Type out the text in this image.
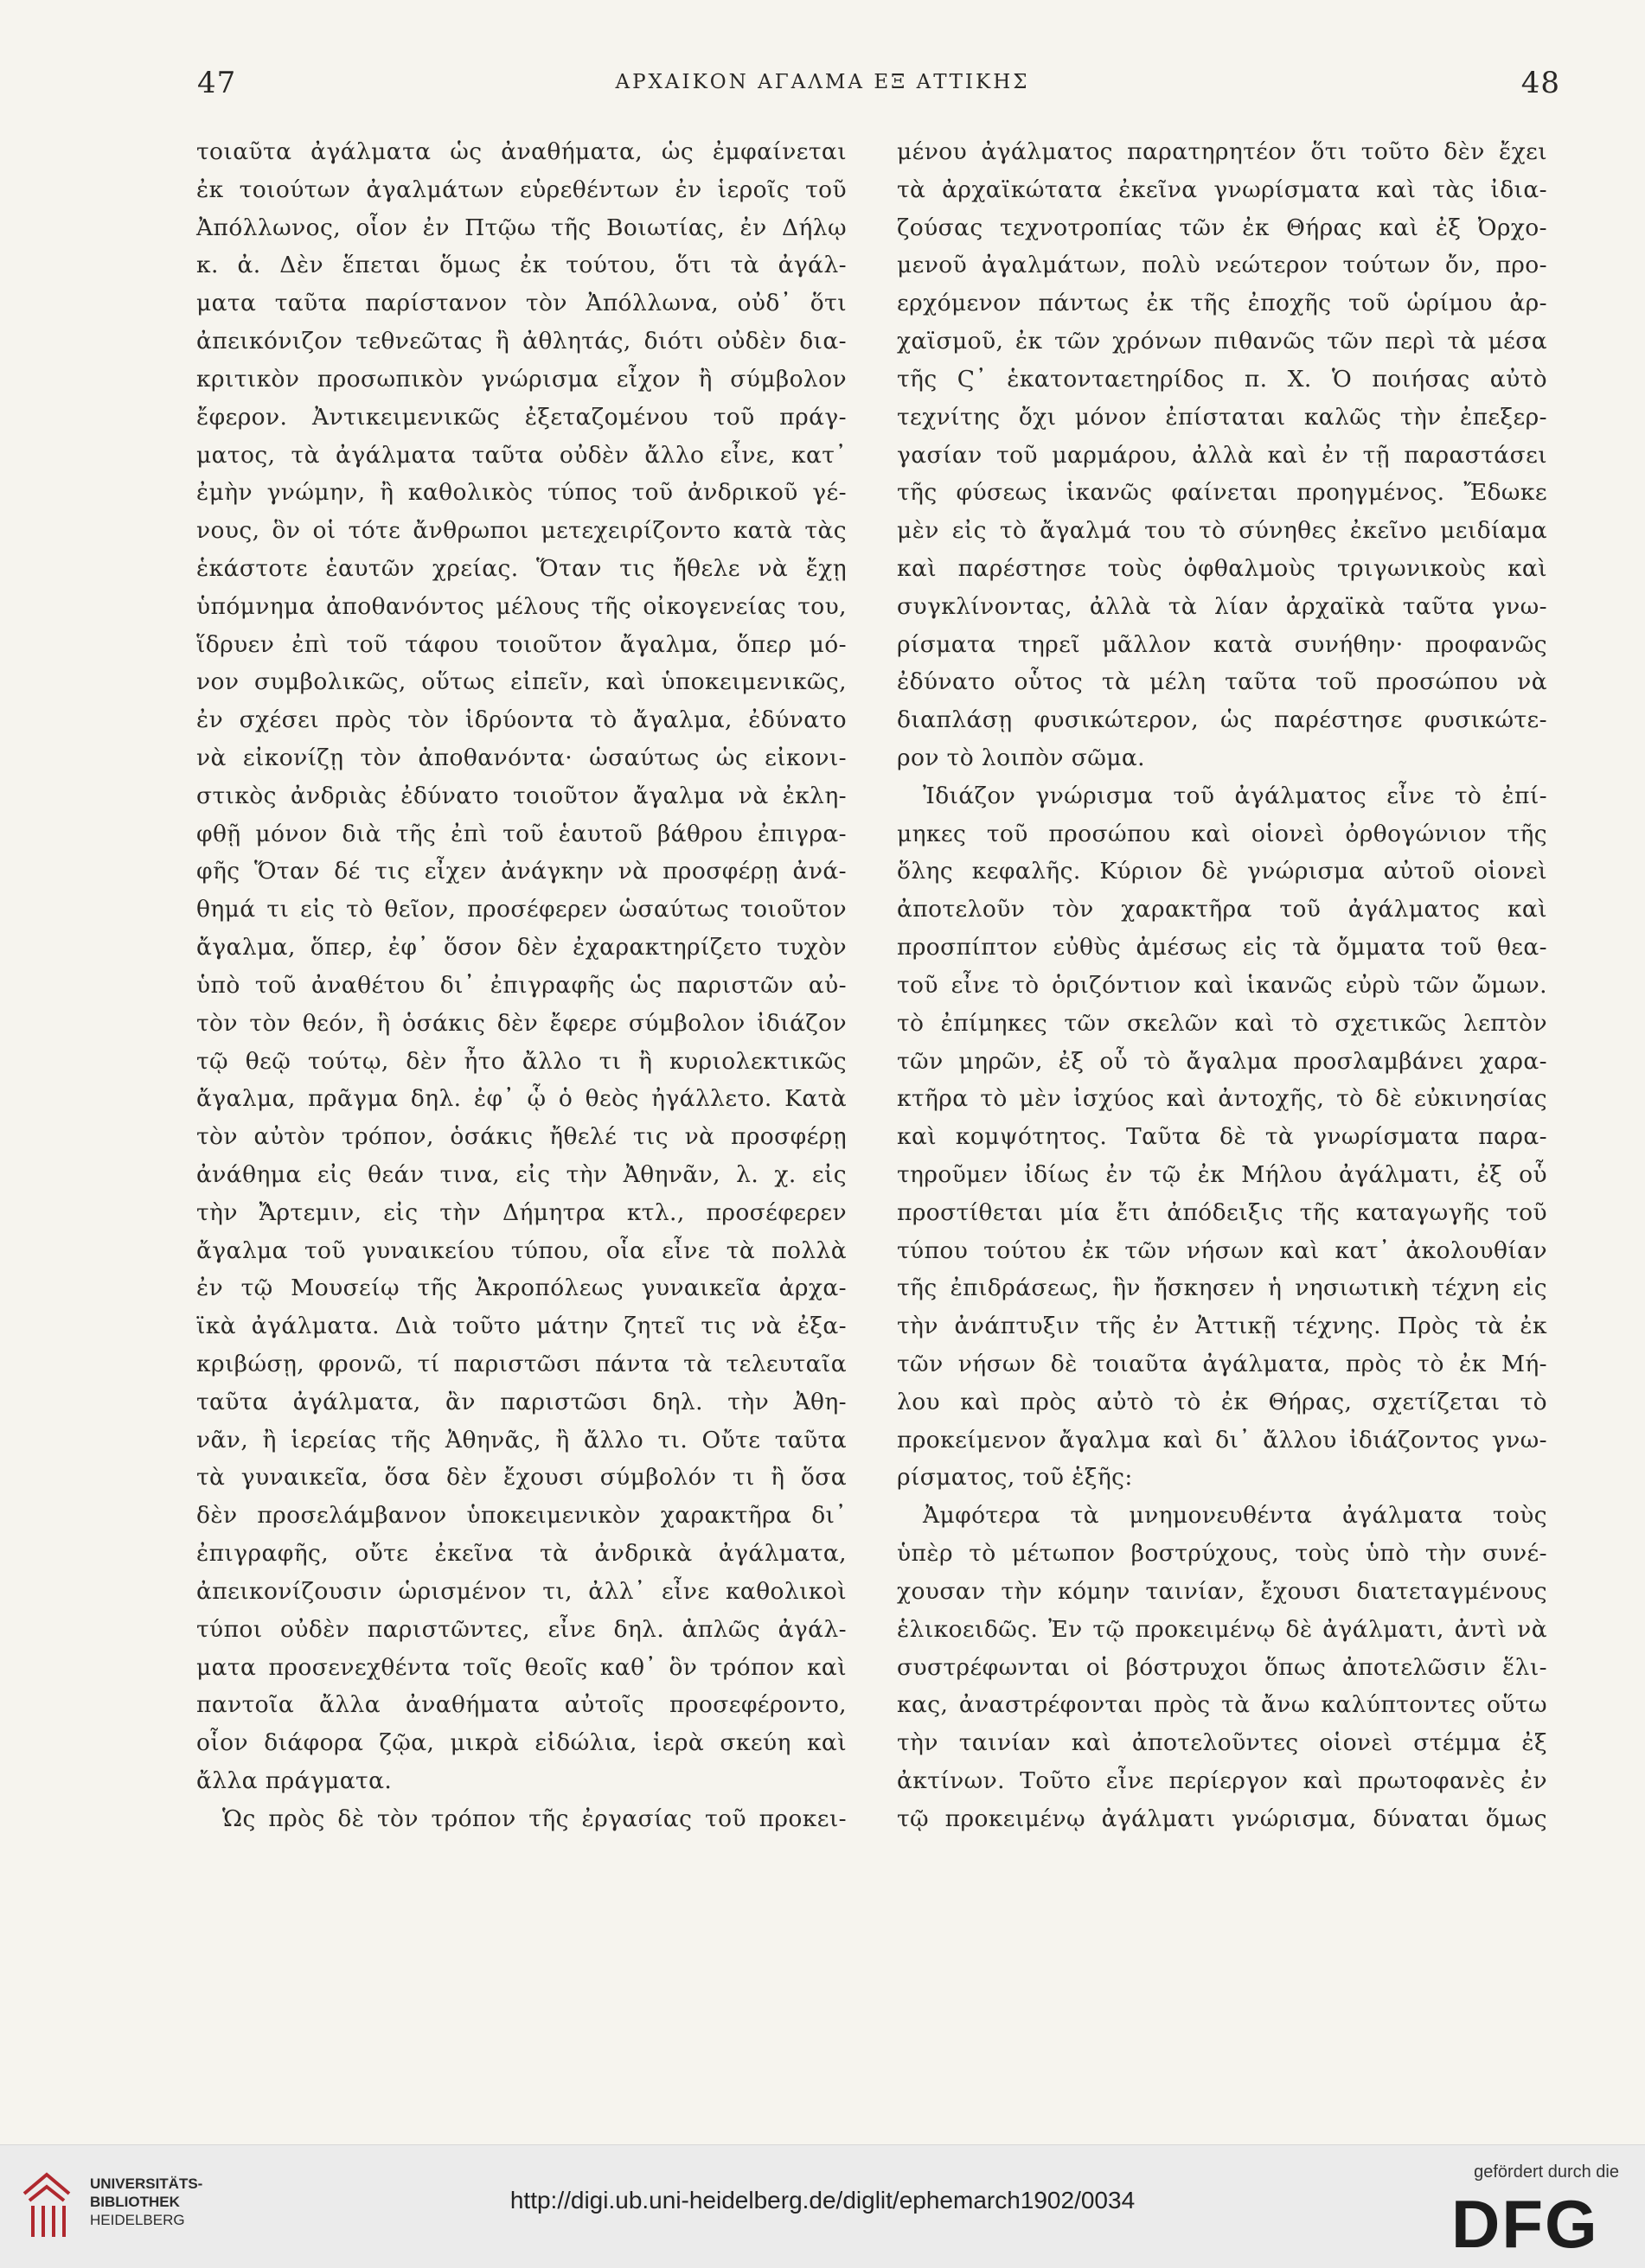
47	ΑΡΧΑΙΚΟΝ ΑΓΑΛΜΑ ΕΞ ΑΤΤΙΚΗΣ	48
τοιαῦτα ἀγάλματα ὡς ἀναθήματα, ὡς ἐμφαίνεται
ἐκ τοιούτων ἀγαλμάτων εὑρεθέντων ἐν ἱεροῖς τοῦ
Ἀπόλλωνος, οἷον ἐν Πτῷω τῆς Βοιωτίας, ἐν Δήλῳ
κ. ἀ. Δὲν ἕπεται ὅμως ἐκ τούτου, ὅτι τὰ ἀγάλ-
ματα ταῦτα παρίστανον τὸν Ἀπόλλωνα, οὐδ᾿ ὅτι
ἀπεικόνιζον τεθνεῶτας ἢ ἀθλητάς, διότι οὐδὲν δια-
κριτικὸν προσωπικὸν γνώρισμα εἶχον ἢ σύμβολον
ἔφερον. Ἀντικειμενικῶς ἐξεταζομένου τοῦ πράγ-
ματος, τὰ ἀγάλματα ταῦτα οὐδὲν ἄλλο εἶνε, κατ᾿
ἐμὴν γνώμην, ἢ καθολικὸς τύπος τοῦ ἀνδρικοῦ γέ-
νους, ὃν οἱ τότε ἄνθρωποι μετεχειρίζοντο κατὰ τὰς
ἑκάστοτε ἑαυτῶν χρείας. Ὅταν τις ἤθελε νὰ ἔχῃ
ὑπόμνημα ἀποθανόντος μέλους τῆς οἰκογενείας του,
ἵδρυεν ἐπὶ τοῦ τάφου τοιοῦτον ἄγαλμα, ὅπερ μό-
νον συμβολικῶς, οὕτως εἰπεῖν, καὶ ὑποκειμενικῶς,
ἐν σχέσει πρὸς τὸν ἱδρύοντα τὸ ἄγαλμα, ἐδύνατο
νὰ εἰκονίζῃ τὸν ἀποθανόντα· ὡσαύτως ὡς εἰκονι-
στικὸς ἀνδριὰς ἐδύνατο τοιοῦτον ἄγαλμα νὰ ἐκλη-
φθῇ μόνον διὰ τῆς ἐπὶ τοῦ ἑαυτοῦ βάθρου ἐπιγρα-
φῆς Ὅταν δέ τις εἶχεν ἀνάγκην νὰ προσφέρῃ ἀνά-
θημά τι εἰς τὸ θεῖον, προσέφερεν ὡσαύτως τοιοῦτον
ἄγαλμα, ὅπερ, ἐφ᾿ ὅσον δὲν ἐχαρακτηρίζετο τυχὸν
ὑπὸ τοῦ ἀναθέτου δι᾿ ἐπιγραφῆς ὡς παριστῶν αὐ-
τὸν τὸν θεόν, ἢ ὁσάκις δὲν ἔφερε σύμβολον ἰδιάζον
τῷ θεῷ τούτῳ, δὲν ἦτο ἄλλο τι ἢ κυριολεκτικῶς
ἄγαλμα, πρᾶγμα δηλ. ἐφ᾿ ᾧ ὁ θεὸς ἠγάλλετο. Κατὰ
τὸν αὐτὸν τρόπον, ὁσάκις ἤθελέ τις νὰ προσφέρῃ
ἀνάθημα εἰς θεάν τινα, εἰς τὴν Ἀθηνᾶν, λ. χ. εἰς
τὴν Ἄρτεμιν, εἰς τὴν Δήμητρα κτλ., προσέφερεν
ἄγαλμα τοῦ γυναικείου τύπου, οἷα εἶνε τὰ πολλὰ
ἐν τῷ Μουσείῳ τῆς Ἀκροπόλεως γυναικεῖα ἀρχα-
ϊκὰ ἀγάλματα. Διὰ τοῦτο μάτην ζητεῖ τις νὰ ἐξα-
κριβώσῃ, φρονῶ, τί παριστῶσι πάντα τὰ τελευταῖα
ταῦτα ἀγάλματα, ἂν παριστῶσι δηλ. τὴν Ἀθη-
νᾶν, ἢ ἱερείας τῆς Ἀθηνᾶς, ἢ ἄλλο τι. Οὔτε ταῦτα
τὰ γυναικεῖα, ὅσα δὲν ἔχουσι σύμβολόν τι ἢ ὅσα
δὲν προσελάμβανον ὑποκειμενικὸν χαρακτῆρα δι᾿
ἐπιγραφῆς, οὔτε ἐκεῖνα τὰ ἀνδρικὰ ἀγάλματα,
ἀπεικονίζουσιν ὡρισμένον τι, ἀλλ᾿ εἶνε καθολικοὶ
τύποι οὐδὲν παριστῶντες, εἶνε δηλ. ἁπλῶς ἀγάλ-
ματα προσενεχθέντα τοῖς θεοῖς καθ᾿ ὃν τρόπον καὶ
παντοῖα ἄλλα ἀναθήματα αὐτοῖς προσεφέροντο,
οἷον διάφορα ζῷα, μικρὰ εἰδώλια, ἱερὰ σκεύη καὶ
ἄλλα πράγματα.
Ὡς πρὸς δὲ τὸν τρόπον τῆς ἐργασίας τοῦ προκει-
μένου ἀγάλματος παρατηρητέον ὅτι τοῦτο δὲν ἔχει
τὰ ἀρχαϊκώτατα ἐκεῖνα γνωρίσματα καὶ τὰς ἰδια-
ζούσας τεχνοτροπίας τῶν ἐκ Θήρας καὶ ἐξ Ὀρχο-
μενοῦ ἀγαλμάτων, πολὺ νεώτερον τούτων ὄν, προ-
ερχόμενον πάντως ἐκ τῆς ἐποχῆς τοῦ ὡρίμου ἀρ-
χαϊσμοῦ, ἐκ τῶν χρόνων πιθανῶς τῶν περὶ τὰ μέσα
τῆς Ϛ᾿ ἑκατονταετηρίδος π. Χ. Ὁ ποιήσας αὐτὸ
τεχνίτης ὄχι μόνον ἐπίσταται καλῶς τὴν ἐπεξερ-
γασίαν τοῦ μαρμάρου, ἀλλὰ καὶ ἐν τῇ παραστάσει
τῆς φύσεως ἱκανῶς φαίνεται προηγμένος. Ἔδωκε
μὲν εἰς τὸ ἄγαλμά του τὸ σύνηθες ἐκεῖνο μειδίαμα
καὶ παρέστησε τοὺς ὀφθαλμοὺς τριγωνικοὺς καὶ
συγκλίνοντας, ἀλλὰ τὰ λίαν ἀρχαϊκὰ ταῦτα γνω-
ρίσματα τηρεῖ μᾶλλον κατὰ συνήθην· προφανῶς
ἐδύνατο οὗτος τὰ μέλη ταῦτα τοῦ προσώπου νὰ
διαπλάσῃ φυσικώτερον, ὡς παρέστησε φυσικώτε-
ρον τὸ λοιπὸν σῶμα.
Ἰδιάζον γνώρισμα τοῦ ἀγάλματος εἶνε τὸ ἐπί-
μηκες τοῦ προσώπου καὶ οἱονεὶ ὀρθογώνιον τῆς
ὅλης κεφαλῆς. Κύριον δὲ γνώρισμα αὐτοῦ οἱονεὶ
ἀποτελοῦν τὸν χαρακτῆρα τοῦ ἀγάλματος καὶ
προσπίπτον εὐθὺς ἀμέσως εἰς τὰ ὄμματα τοῦ θεα-
τοῦ εἶνε τὸ ὁριζόντιον καὶ ἱκανῶς εὐρὺ τῶν ὤμων.
τὸ ἐπίμηκες τῶν σκελῶν καὶ τὸ σχετικῶς λεπτὸν
τῶν μηρῶν, ἐξ οὗ τὸ ἄγαλμα προσλαμβάνει χαρα-
κτῆρα τὸ μὲν ἰσχύος καὶ ἀντοχῆς, τὸ δὲ εὐκινησίας
καὶ κομψότητος. Ταῦτα δὲ τὰ γνωρίσματα παρα-
τηροῦμεν ἰδίως ἐν τῷ ἐκ Μήλου ἀγάλματι, ἐξ οὗ
προστίθεται μία ἔτι ἀπόδειξις τῆς καταγωγῆς τοῦ
τύπου τούτου ἐκ τῶν νήσων καὶ κατ᾿ ἀκολουθίαν
τῆς ἐπιδράσεως, ἣν ἤσκησεν ἡ νησιωτικὴ τέχνη εἰς
τὴν ἀνάπτυξιν τῆς ἐν Ἀττικῇ τέχνης. Πρὸς τὰ ἐκ
τῶν νήσων δὲ τοιαῦτα ἀγάλματα, πρὸς τὸ ἐκ Μή-
λου καὶ πρὸς αὐτὸ τὸ ἐκ Θήρας, σχετίζεται τὸ
προκείμενον ἄγαλμα καὶ δι᾿ ἄλλου ἰδιάζοντος γνω-
ρίσματος, τοῦ ἑξῆς:
Ἀμφότερα τὰ μνημονευθέντα ἀγάλματα τοὺς
ὑπὲρ τὸ μέτωπον βοστρύχους, τοὺς ὑπὸ τὴν συνέ-
χουσαν τὴν κόμην ταινίαν, ἔχουσι διατεταγμένους
ἑλικοειδῶς. Ἐν τῷ προκειμένῳ δὲ ἀγάλματι, ἀντὶ νὰ
συστρέφωνται οἱ βόστρυχοι ὅπως ἀποτελῶσιν ἕλι-
κας, ἀναστρέφονται πρὸς τὰ ἄνω καλύπτοντες οὕτω
τὴν ταινίαν καὶ ἀποτελοῦντες οἱονεὶ στέμμα ἐξ
ἀκτίνων. Τοῦτο εἶνε περίεργον καὶ πρωτοφανὲς ἐν
τῷ προκειμένῳ ἀγάλματι γνώρισμα, δύναται ὅμως
UNIVERSITÄTS-
BIBLIOTHEK
HEIDELBERG
http://digi.ub.uni-heidelberg.de/diglit/ephemarch1902/0034
gefördert durch die
DFG
